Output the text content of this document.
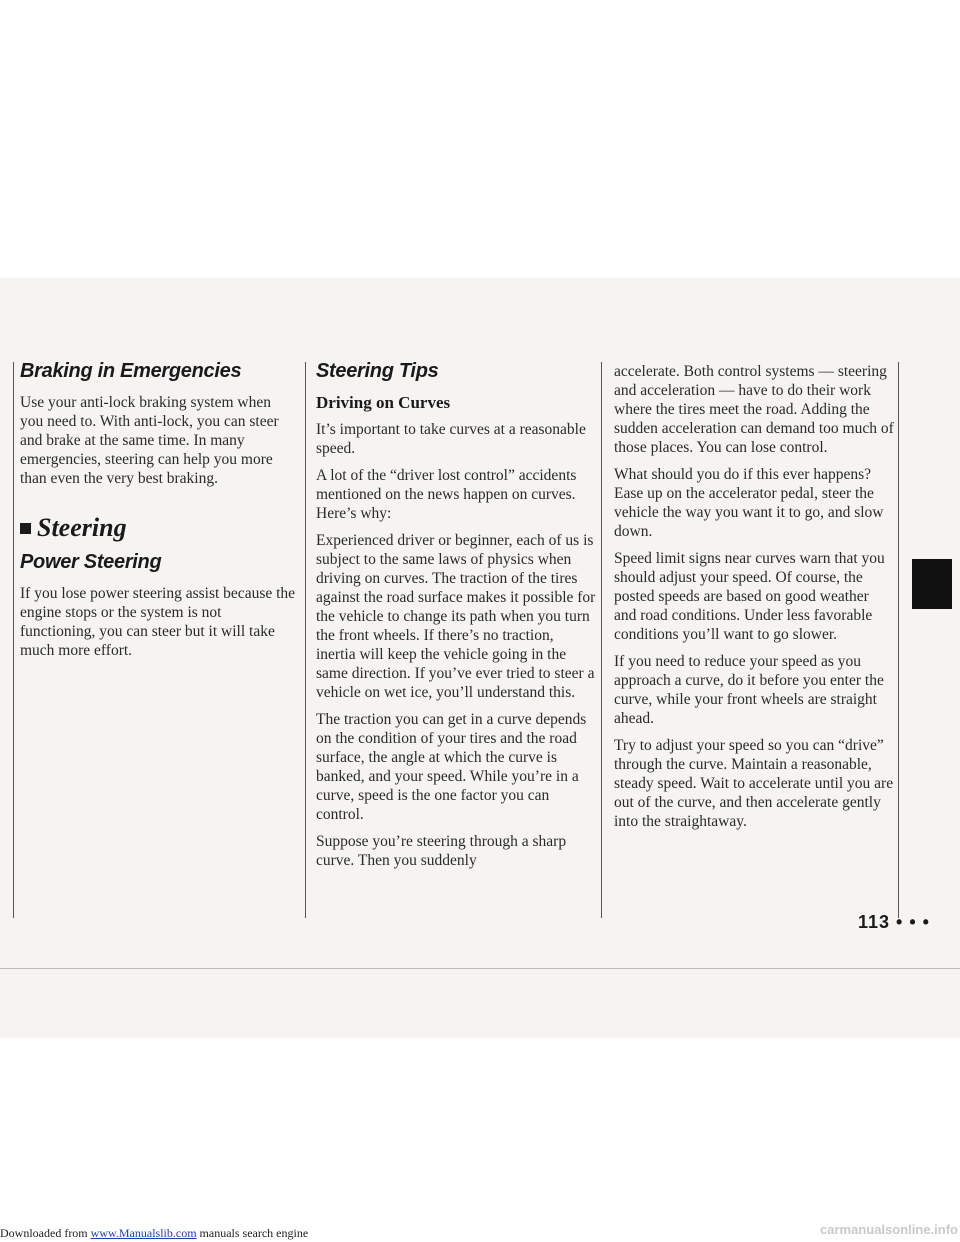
Braking in Emergencies

Use your anti-lock braking system when you need to. With anti-lock, you can steer and brake at the same time. In many emergencies, steering can help you more than even the very best braking.

Steering
Power Steering

If you lose power steering assist because the engine stops or the system is not functioning, you can steer but it will take much more effort.

Steering Tips
Driving on Curves

It’s important to take curves at a reasonable speed.

A lot of the “driver lost control” accidents mentioned on the news happen on curves. Here’s why:

Experienced driver or beginner, each of us is subject to the same laws of physics when driving on curves. The traction of the tires against the road surface makes it possible for the vehicle to change its path when you turn the front wheels. If there’s no traction, inertia will keep the vehicle going in the same direction. If you’ve ever tried to steer a vehicle on wet ice, you’ll understand this.

The traction you can get in a curve depends on the condition of your tires and the road surface, the angle at which the curve is banked, and your speed. While you’re in a curve, speed is the one factor you can control.

Suppose you’re steering through a sharp curve. Then you suddenly

accelerate. Both control systems — steering and acceleration — have to do their work where the tires meet the road. Adding the sudden acceleration can demand too much of those places. You can lose control.

What should you do if this ever happens? Ease up on the accelerator pedal, steer the vehicle the way you want it to go, and slow down.

Speed limit signs near curves warn that you should adjust your speed. Of course, the posted speeds are based on good weather and road conditions. Under less favorable conditions you’ll want to go slower.

If you need to reduce your speed as you approach a curve, do it before you enter the curve, while your front wheels are straight ahead.

Try to adjust your speed so you can “drive” through the curve. Maintain a reasonable, steady speed. Wait to accelerate until you are out of the curve, and then accelerate gently into the straightaway.

113 • • •
Downloaded from www.Manualslib.com manuals search engine	carmanualsonline.info
